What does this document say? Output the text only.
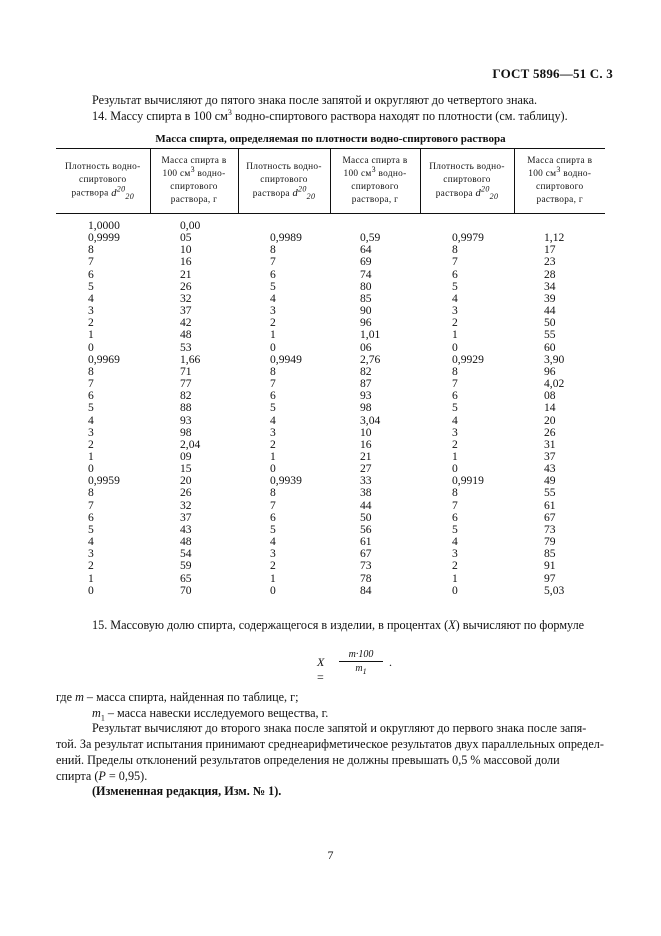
ГОСТ 5896—51 С. 3
Результат вычисляют до пятого знака после запятой и округляют до четвертого знака.
14. Массу спирта в 100 $см^3$ водно-спиртового раствора находят по плотности (см. таблицу).
Масса спирта, определяемая по плотности водно-спиртового раствора
Плотность водно-
спиртового
раствора $d^{20}_{20}$	Масса спирта в
100 $см^3$ водно-
спиртового
раствора, г	Плотность водно-
спиртового
раствора $d^{20}_{20}$	Масса спирта в
100 $см^3$ водно-
спиртового
раствора, г	Плотность водно-
спиртового
раствора $d^{20}_{20}$	Масса спирта в
100 $см^3$ водно-
спиртового
раствора, г
1,0000	0,00				
0,9999	05	0,9989	0,59	0,9979	1,12
8	10	8	64	8	17
7	16	7	69	7	23
6	21	6	74	6	28
5	26	5	80	5	34
4	32	4	85	4	39
3	37	3	90	3	44
2	42	2	96	2	50
1	48	1	1,01	1	55
0	53	0	06	0	60
0,9969	1,66	0,9949	2,76	0,9929	3,90
8	71	8	82	8	96
7	77	7	87	7	4,02
6	82	6	93	6	08
5	88	5	98	5	14
4	93	4	3,04	4	20
3	98	3	10	3	26
2	2,04	2	16	2	31
1	09	1	21	1	37
0	15	0	27	0	43
0,9959	20	0,9939	33	0,9919	49
8	26	8	38	8	55
7	32	7	44	7	61
6	37	6	50	6	67
5	43	5	56	5	73
4	48	4	61	4	79
3	54	3	67	3	85
2	59	2	73	2	91
1	65	1	78	1	97
0	70	0	84	0	5,03
15. Массовую долю спирта, содержащегося в изделии, в процентах (X) вычисляют по формуле
X =
$\frac{m\cdot 100}{m_1}$ .
где m – масса спирта, найденная по таблице, г;
$m_1$ – масса навески исследуемого вещества, г.
Результат вычисляют до второго знака после запятой и округляют до первого знака после запя-
той. За результат испытания принимают среднеарифметическое результатов двух параллельных определ-
ений. Пределы отклонений результатов определения не должны превышать 0,5 % массовой доли
спирта (P = 0,95).
(Измененная редакция, Изм. № 1).
7
